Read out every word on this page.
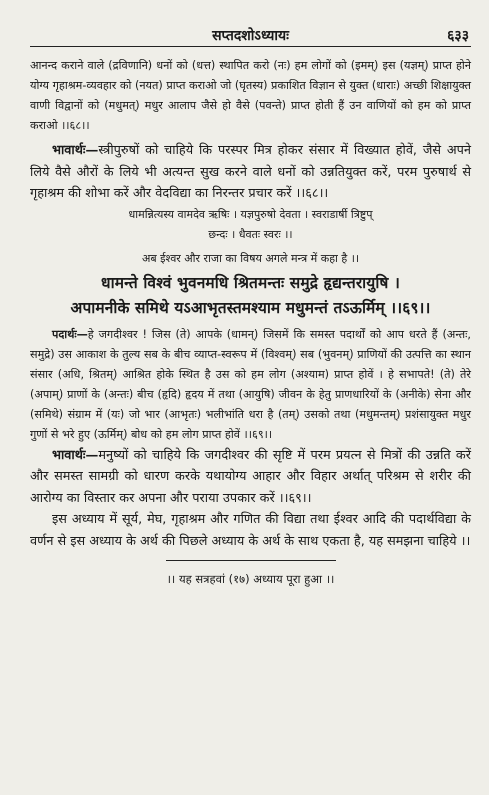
सप्तदशोऽध्यायः	६३३

आनन्द कराने वाले (द्रविणानि) धनों को (धत्त) स्थापित करो (नः) हम लोगों को (इमम्) इस (यज्ञम्) प्राप्त होने योग्य गृहाश्रम-व्यवहार को (नयत) प्राप्त कराओ जो (घृतस्य) प्रकाशित विज्ञान से युक्त (धाराः) अच्छी शिक्षायुक्त वाणी विद्वानों को (मधुमत्) मधुर आलाप जैसे हो वैसे (पवन्ते) प्राप्त होती हैं उन वाणियों को हम को प्राप्त कराओ ।।६८।।

भावार्थः—स्त्रीपुरुषों को चाहिये कि परस्पर मित्र होकर संसार में विख्यात होवें, जैसे अपने लिये वैसे औरों के लिये भी अत्यन्त सुख करने वाले धनों को उन्नतियुक्त करें, परम पुरुषार्थ से गृहाश्रम की शोभा करें और वेदविद्या का निरन्तर प्रचार करें ।।६८।।

धामन्नित्यस्य वामदेव ऋषिः । यज्ञपुरुषो देवता । स्वराडार्षी त्रिष्टुप्

छन्दः । धैवतः स्वरः ।।

अब ईश्वर और राजा का विषय अगले मन्त्र में कहा है ।।

धामन्ते विश्वं भुवनमधि श्रितमन्तः समुद्रे हृद्यन्तरायुषि ।

अपामनीके समिथे यऽआभृतस्तमश्याम मधुमन्तं तऽऊर्मिम् ।।६९।।

पदार्थः—हे जगदीश्वर ! जिस (ते) आपके (धामन्) जिसमें कि समस्त पदार्थों को आप धरते हैं (अन्तः, समुद्रे) उस आकाश के तुल्य सब के बीच व्याप्त-स्वरूप में (विश्वम्) सब (भुवनम्) प्राणियों की उत्पत्ति का स्थान संसार (अधि, श्रितम्) आश्रित होके स्थित है उस को हम लोग (अश्याम) प्राप्त होवें । हे सभापते! (ते) तेरे (अपाम्) प्राणों के (अन्तः) बीच (हृदि) हृदय में तथा (आयुषि) जीवन के हेतु प्राणधारियों के (अनीके) सेना और (समिथे) संग्राम में (यः) जो भार (आभृतः) भलीभांति धरा है (तम्) उसको तथा (मधुमन्तम्) प्रशंसायुक्त मधुर गुणों से भरे हुए (ऊर्मिम्) बोध को हम लोग प्राप्त होवें ।।६९।।

भावार्थः—मनुष्यों को चाहिये कि जगदीश्वर की सृष्टि में परम प्रयत्न से मित्रों की उन्नति करें और समस्त सामग्री को धारण करके यथायोग्य आहार और विहार अर्थात् परिश्रम से शरीर की आरोग्य का विस्तार कर अपना और पराया उपकार करें ।।६९।।

इस अध्याय में सूर्य, मेघ, गृहाश्रम और गणित की विद्या तथा ईश्वर आदि की पदार्थविद्या के वर्णन से इस अध्याय के अर्थ की पिछले अध्याय के अर्थ के साथ एकता है, यह समझना चाहिये ।।

।। यह सत्रहवां (१७) अध्याय पूरा हुआ ।।
